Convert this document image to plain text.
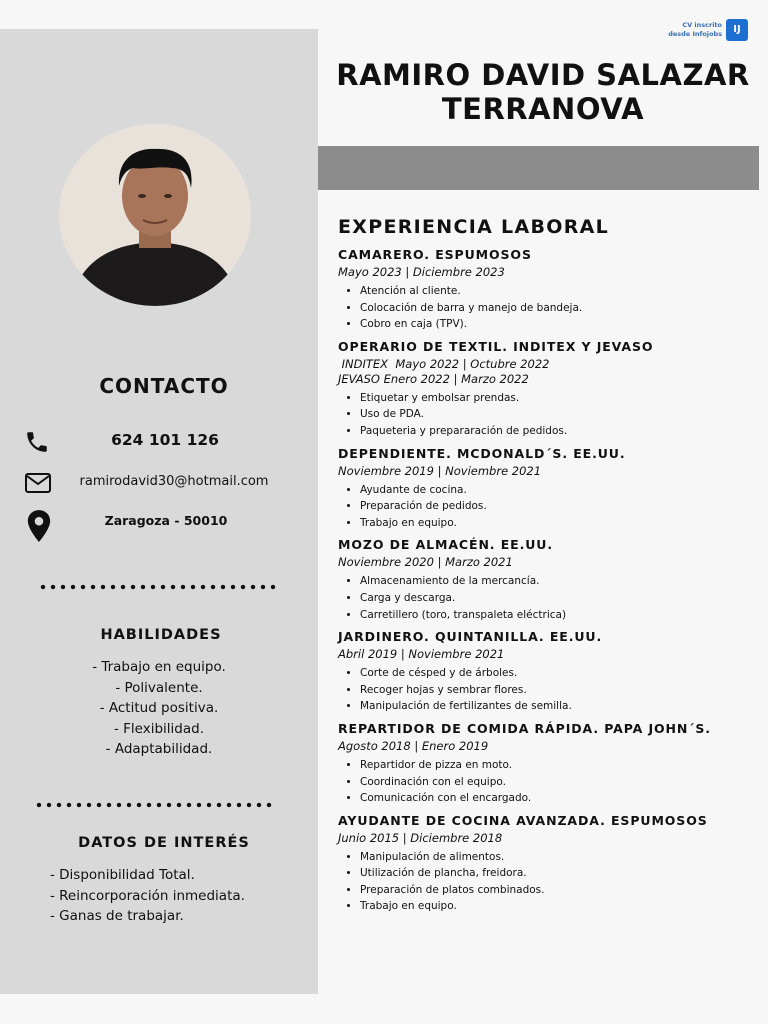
CV inscrito
desde Infojobs	IJ
CONTACTO
624 101 126
ramirodavid30@hotmail.com
Zaragoza - 50010
HABILIDADES
- Trabajo en equipo.
- Polivalente.
- Actitud positiva.
- Flexibilidad.
- Adaptabilidad.
DATOS DE INTERÉS
- Disponibilidad Total.
- Reincorporación inmediata.
- Ganas de trabajar.
RAMIRO DAVID SALAZAR
TERRANOVA
EXPERIENCIA LABORAL
CAMARERO. ESPUMOSOS
Mayo 2023 | Diciembre 2023
• Atención al cliente.
• Colocación de barra y manejo de bandeja.
• Cobro en caja (TPV).
OPERARIO DE TEXTIL. INDITEX Y JEVASO
INDITEX  Mayo 2022 | Octubre 2022
JEVASO Enero 2022 | Marzo 2022
• Etiquetar y embolsar prendas.
• Uso de PDA.
• Paqueteria y prepararación de pedidos.
DEPENDIENTE. MCDONALD´S. EE.UU.
Noviembre 2019 | Noviembre 2021
• Ayudante de cocina.
• Preparación de pedidos.
• Trabajo en equipo.
MOZO DE ALMACÉN. EE.UU.
Noviembre 2020 | Marzo 2021
• Almacenamiento de la mercancía.
• Carga y descarga.
• Carretillero (toro, transpaleta eléctrica)
JARDINERO. QUINTANILLA. EE.UU.
Abril 2019 | Noviembre 2021
• Corte de césped y de árboles.
• Recoger hojas y sembrar flores.
• Manipulación de fertilizantes de semilla.
REPARTIDOR DE COMIDA RÁPIDA. PAPA JOHN´S.
Agosto 2018 | Enero 2019
• Repartidor de pizza en moto.
• Coordinación con el equipo.
• Comunicación con el encargado.
AYUDANTE DE COCINA AVANZADA. ESPUMOSOS
Junio 2015 | Diciembre 2018
• Manipulación de alimentos.
• Utilización de plancha, freidora.
• Preparación de platos combinados.
• Trabajo en equipo.
